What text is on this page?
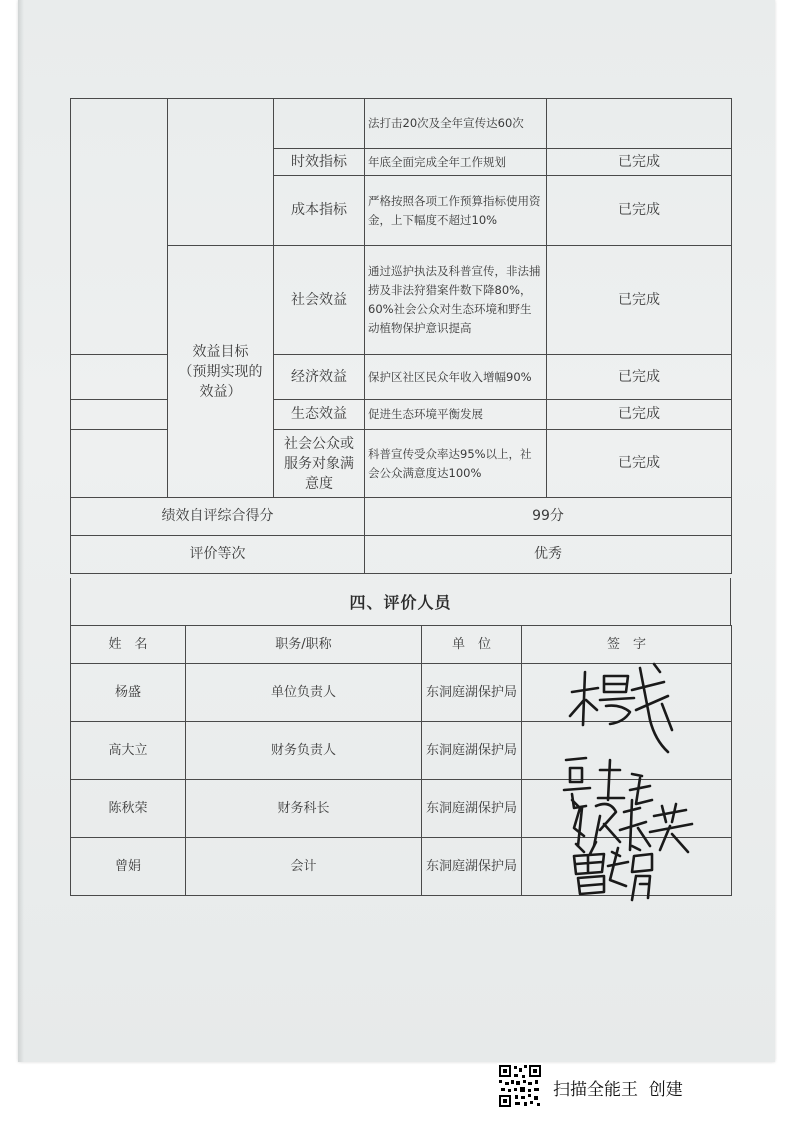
			法打击20次及全年宣传达60次	
		时效指标	年底全面完成全年工作规划	已完成
		成本指标	严格按照各项工作预算指标使用资金，上下幅度不超过10%	已完成

	效益目标
（预期实现的
效益）	社会效益	通过巡护执法及科普宣传，非法捕捞及非法狩猎案件数下降80%，60%社会公众对生态环境和野生动植物保护意识提高	已完成
		经济效益	保护区社区民众年收入增幅90%	已完成
		生态效益	促进生态环境平衡发展	已完成

		社会公众或
服务对象满
意度	科普宣传受众率达95%以上，社会公众满意度达100%	已完成
绩效自评综合得分			99分	
评价等次			优秀	
四、评价人员
姓　名	职务/职称	单　位	签　字
杨盛	单位负责人	东洞庭湖保护局	
高大立	财务负责人	东洞庭湖保护局	
陈秋荣	财务科长	东洞庭湖保护局	
曾娟	会计	东洞庭湖保护局	
扫描全能王  创建
